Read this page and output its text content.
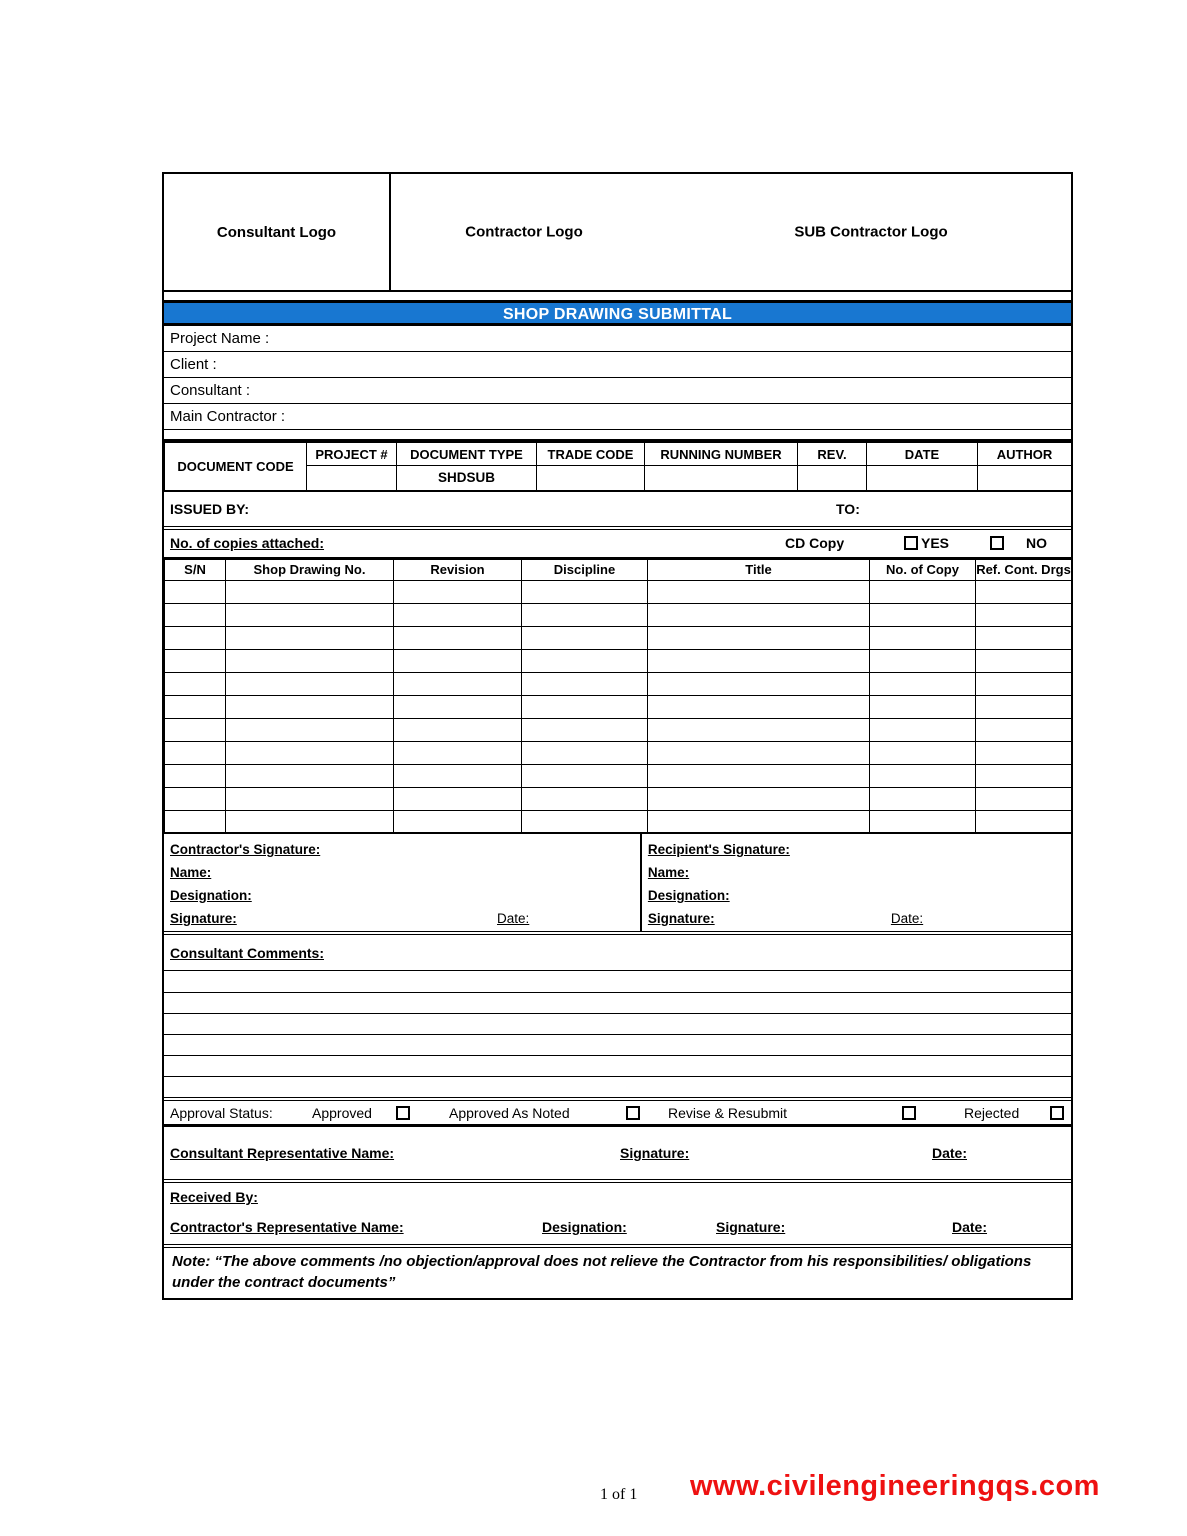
Consultant Logo	Contractor Logo	SUB Contractor Logo
SHOP DRAWING SUBMITTAL
Project Name :
Client :
Consultant :
Main Contractor :
DOCUMENT CODE	PROJECT #	DOCUMENT TYPE	TRADE CODE	RUNNING NUMBER	REV.	DATE	AUTHOR
		SHDSUB					
ISSUED BY:	TO:
No. of copies attached:	CD Copy	YES	NO
S/N	Shop Drawing No.	Revision	Discipline	Title	No. of Copy	Ref. Cont. Drgs

Contractor's Signature:
Name:
Designation:
Signature:	Date:
Recipient's Signature:
Name:
Designation:
Signature:	Date:
Consultant Comments:
Approval Status:	Approved	Approved As Noted	Revise & Resubmit	Rejected
Consultant Representative Name:	Signature:	Date:
Received By:
Contractor's Representative Name:	Designation:	Signature:	Date:
Note: “The above comments /no objection/approval does not relieve the Contractor from his responsibilities/ obligations under the contract documents”
1 of 1 www.civilengineeringqs.com
